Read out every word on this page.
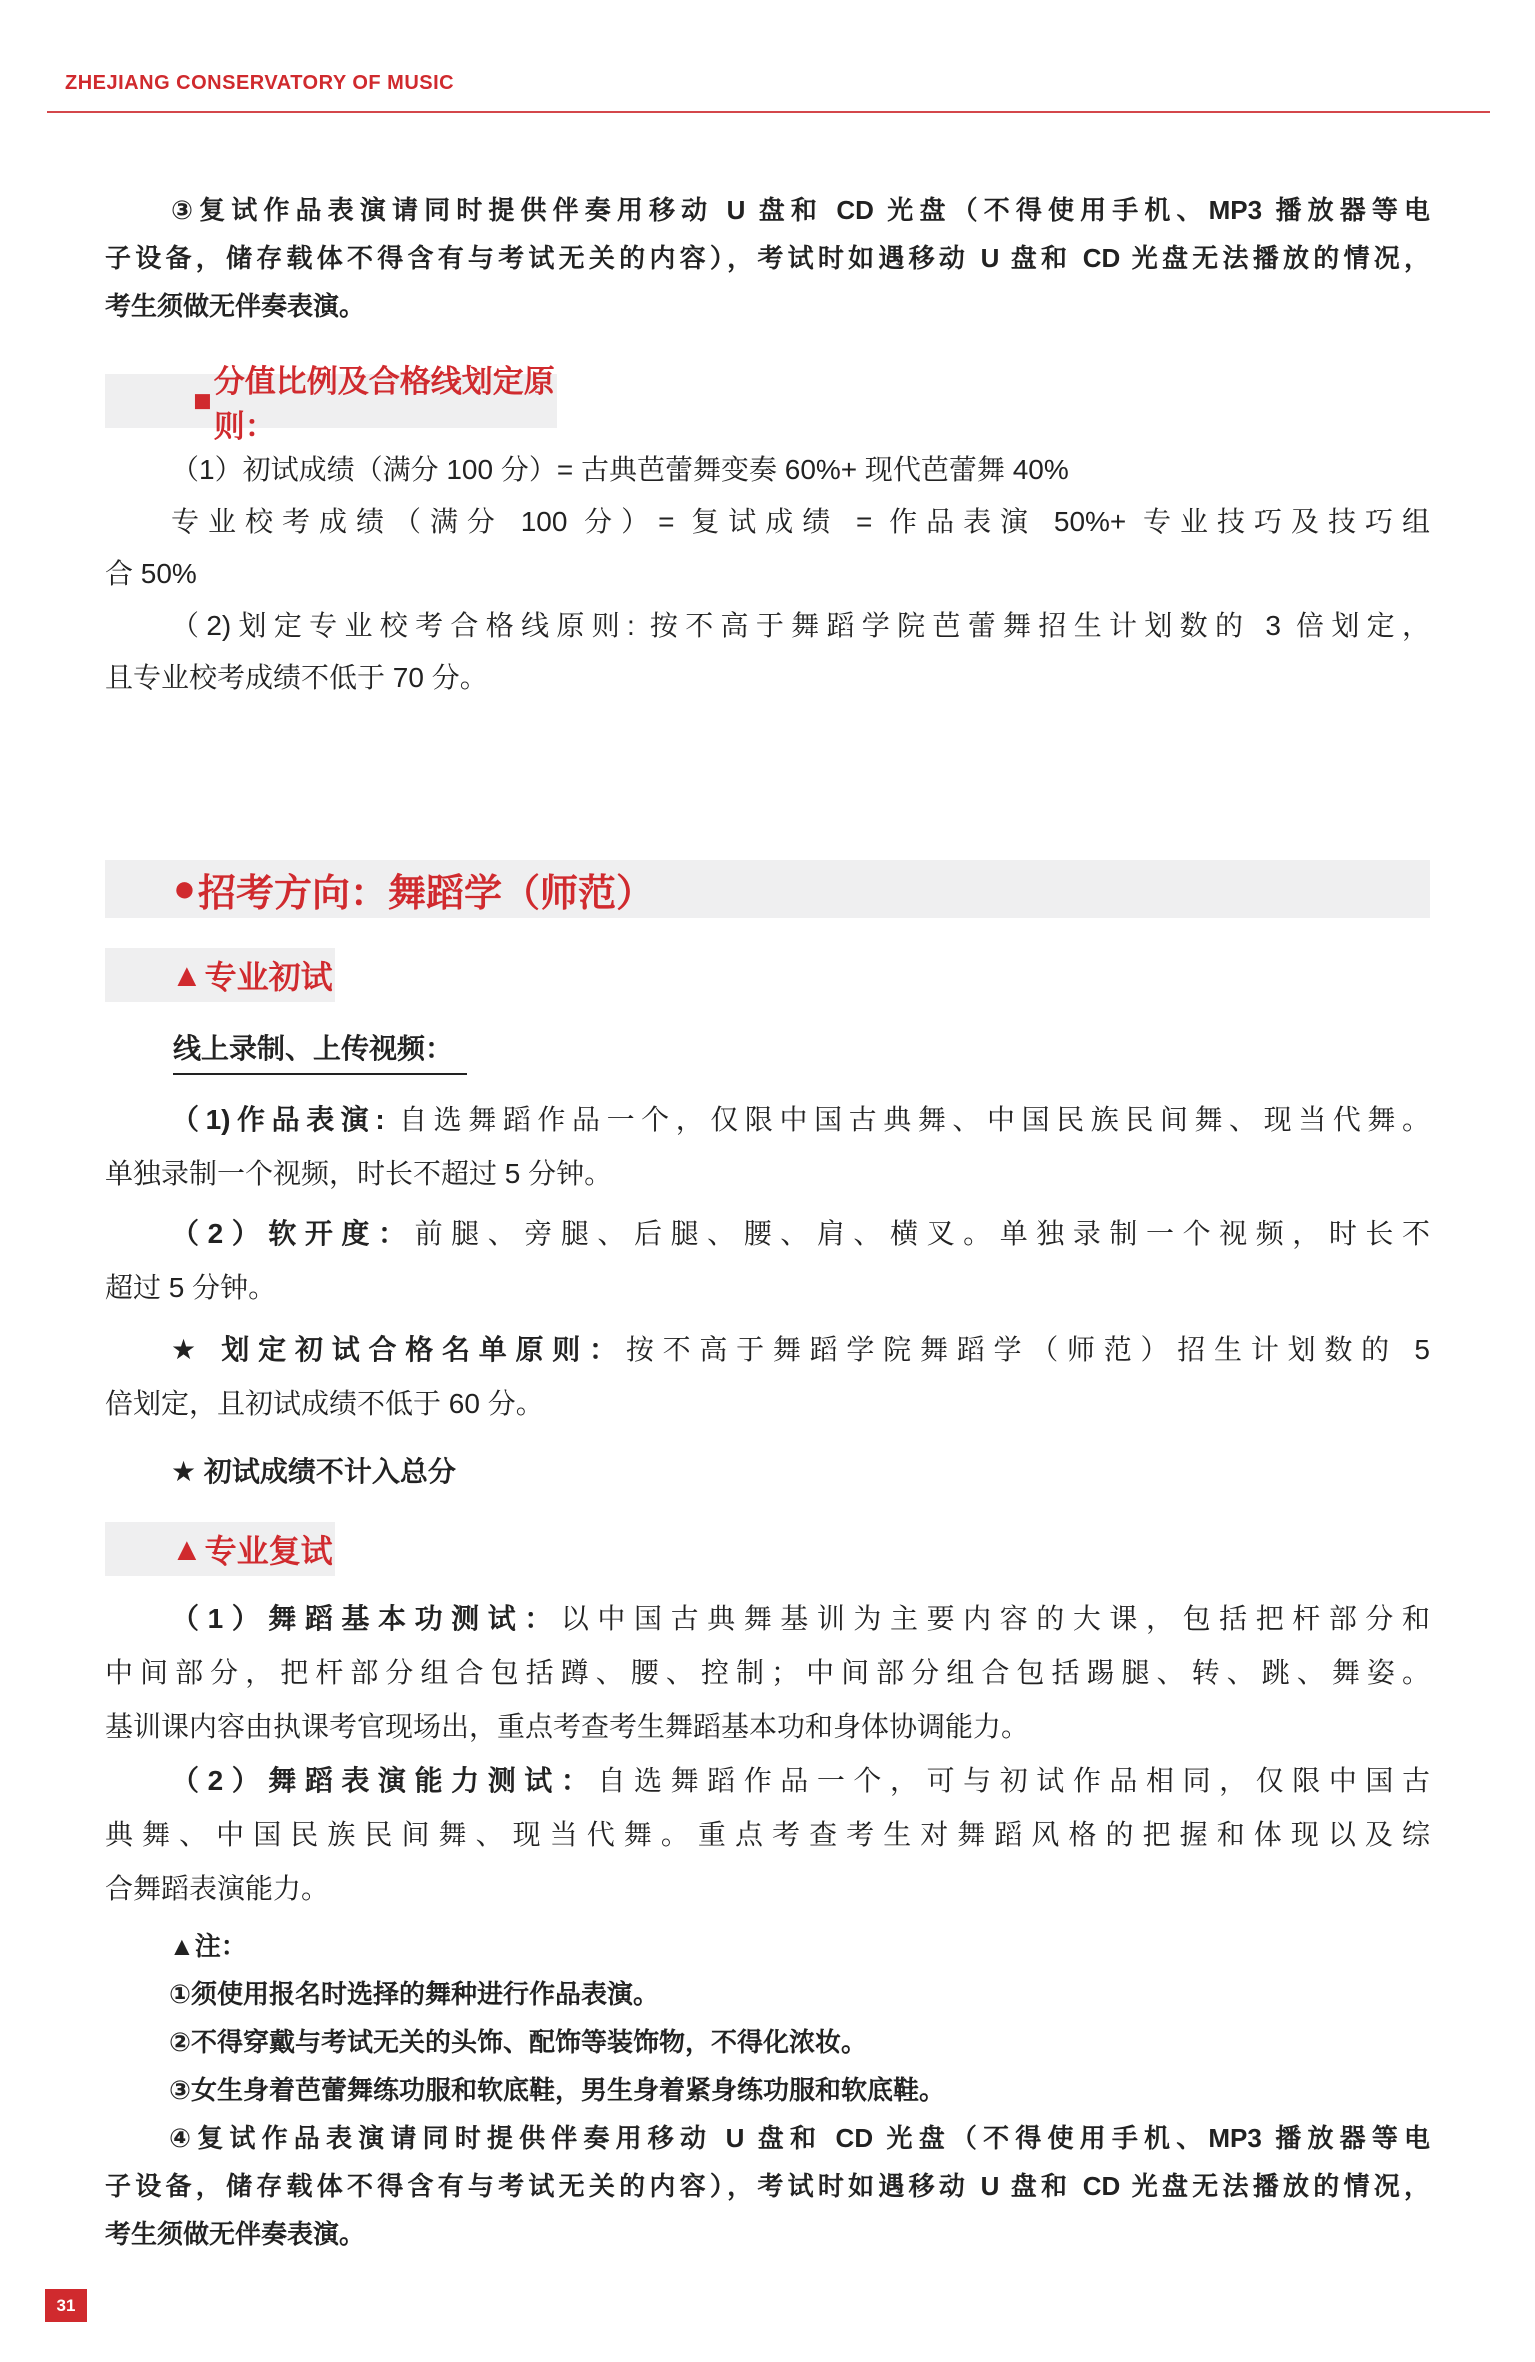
ZHEJIANG CONSERVATORY OF MUSIC
③复试作品表演请同时提供伴奏用移动 U 盘和 CD 光盘（不得使用手机、MP3 播放器等电
子设备，储存载体不得含有与考试无关的内容），考试时如遇移动 U 盘和 CD 光盘无法播放的情况，
考生须做无伴奏表演。
■
分值比例及合格线划定原则：
（1）初试成绩（满分 100 分）= 古典芭蕾舞变奏 60%+ 现代芭蕾舞 40%
专业校考成绩（满分 100 分）= 复试成绩 = 作品表演 50%+ 专业技巧及技巧组
合 50%
（2)划定专业校考合格线原则: 按不高于舞蹈学院芭蕾舞招生计划数的 3 倍划定，
且专业校考成绩不低于 70 分。
● 招考方向：舞蹈学（师范）
▲ 专业初试
线上录制、上传视频：
（1)作品表演: 自选舞蹈作品一个，仅限中国古典舞、中国民族民间舞、现当代舞。
单独录制一个视频，时长不超过 5 分钟。
（2）软开度：前腿、旁腿、后腿、腰、肩、横叉。单独录制一个视频，时长不
超过 5 分钟。
★ 划定初试合格名单原则：按不高于舞蹈学院舞蹈学（师范）招生计划数的 5
倍划定，且初试成绩不低于 60 分。
★ 初试成绩不计入总分
▲ 专业复试
（1）舞蹈基本功测试：以中国古典舞基训为主要内容的大课，包括把杆部分和
中间部分，把杆部分组合包括蹲、腰、控制；中间部分组合包括踢腿、转、跳、舞姿。
基训课内容由执课考官现场出，重点考查考生舞蹈基本功和身体协调能力。
（2）舞蹈表演能力测试：自选舞蹈作品一个，可与初试作品相同，仅限中国古
典舞、中国民族民间舞、现当代舞。重点考查考生对舞蹈风格的把握和体现以及综
合舞蹈表演能力。
▲注：
①须使用报名时选择的舞种进行作品表演。
②不得穿戴与考试无关的头饰、配饰等装饰物，不得化浓妆。
③女生身着芭蕾舞练功服和软底鞋，男生身着紧身练功服和软底鞋。
④复试作品表演请同时提供伴奏用移动 U 盘和 CD 光盘（不得使用手机、MP3 播放器等电
子设备，储存载体不得含有与考试无关的内容），考试时如遇移动 U 盘和 CD 光盘无法播放的情况，
考生须做无伴奏表演。
31
